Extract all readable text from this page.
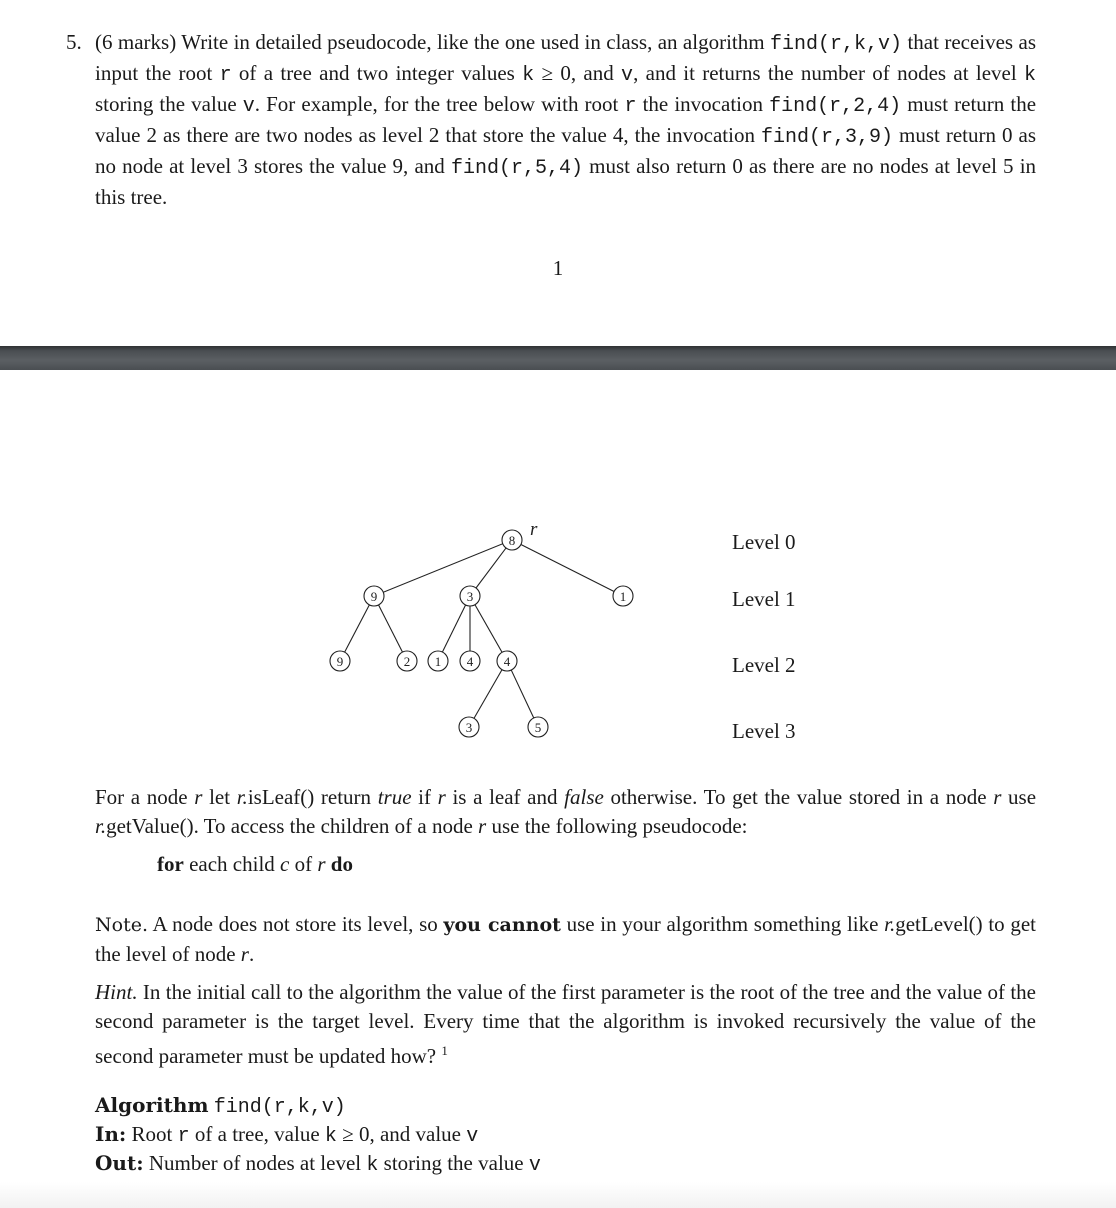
5. (6 marks) Write in detailed pseudocode, like the one used in class, an algorithm find(r,k,v) that receives as input the root r of a tree and two integer values k ≥ 0, and v, and it returns the number of nodes at level k storing the value v. For example, for the tree below with root r the invocation find(r,2,4) must return the value 2 as there are two nodes as level 2 that store the value 4, the invocation find(r,3,9) must return 0 as no node at level 3 stores the value 9, and find(r,5,4) must also return 0 as there are no nodes at level 5 in this tree.

1
8
9	3	1
9	2 1 4 4
3	5
r
Level 0
Level 1
Level 2
Level 3

For a node r let r.isLeaf() return true if r is a leaf and false otherwise. To get the value stored in a node r use r.getValue(). To access the children of a node r use the following pseudocode:

for each child c of r do

Note. A node does not store its level, so you cannot use in your algorithm something like r.getLevel() to get the level of node r.

Hint. In the initial call to the algorithm the value of the first parameter is the root of the tree and the value of the second parameter is the target level. Every time that the algorithm is invoked recursively the value of the second parameter must be updated how? $^1$

Algorithm find(r,k,v)
In: Root r of a tree, value k ≥ 0, and value v
Out: Number of nodes at level k storing the value v
